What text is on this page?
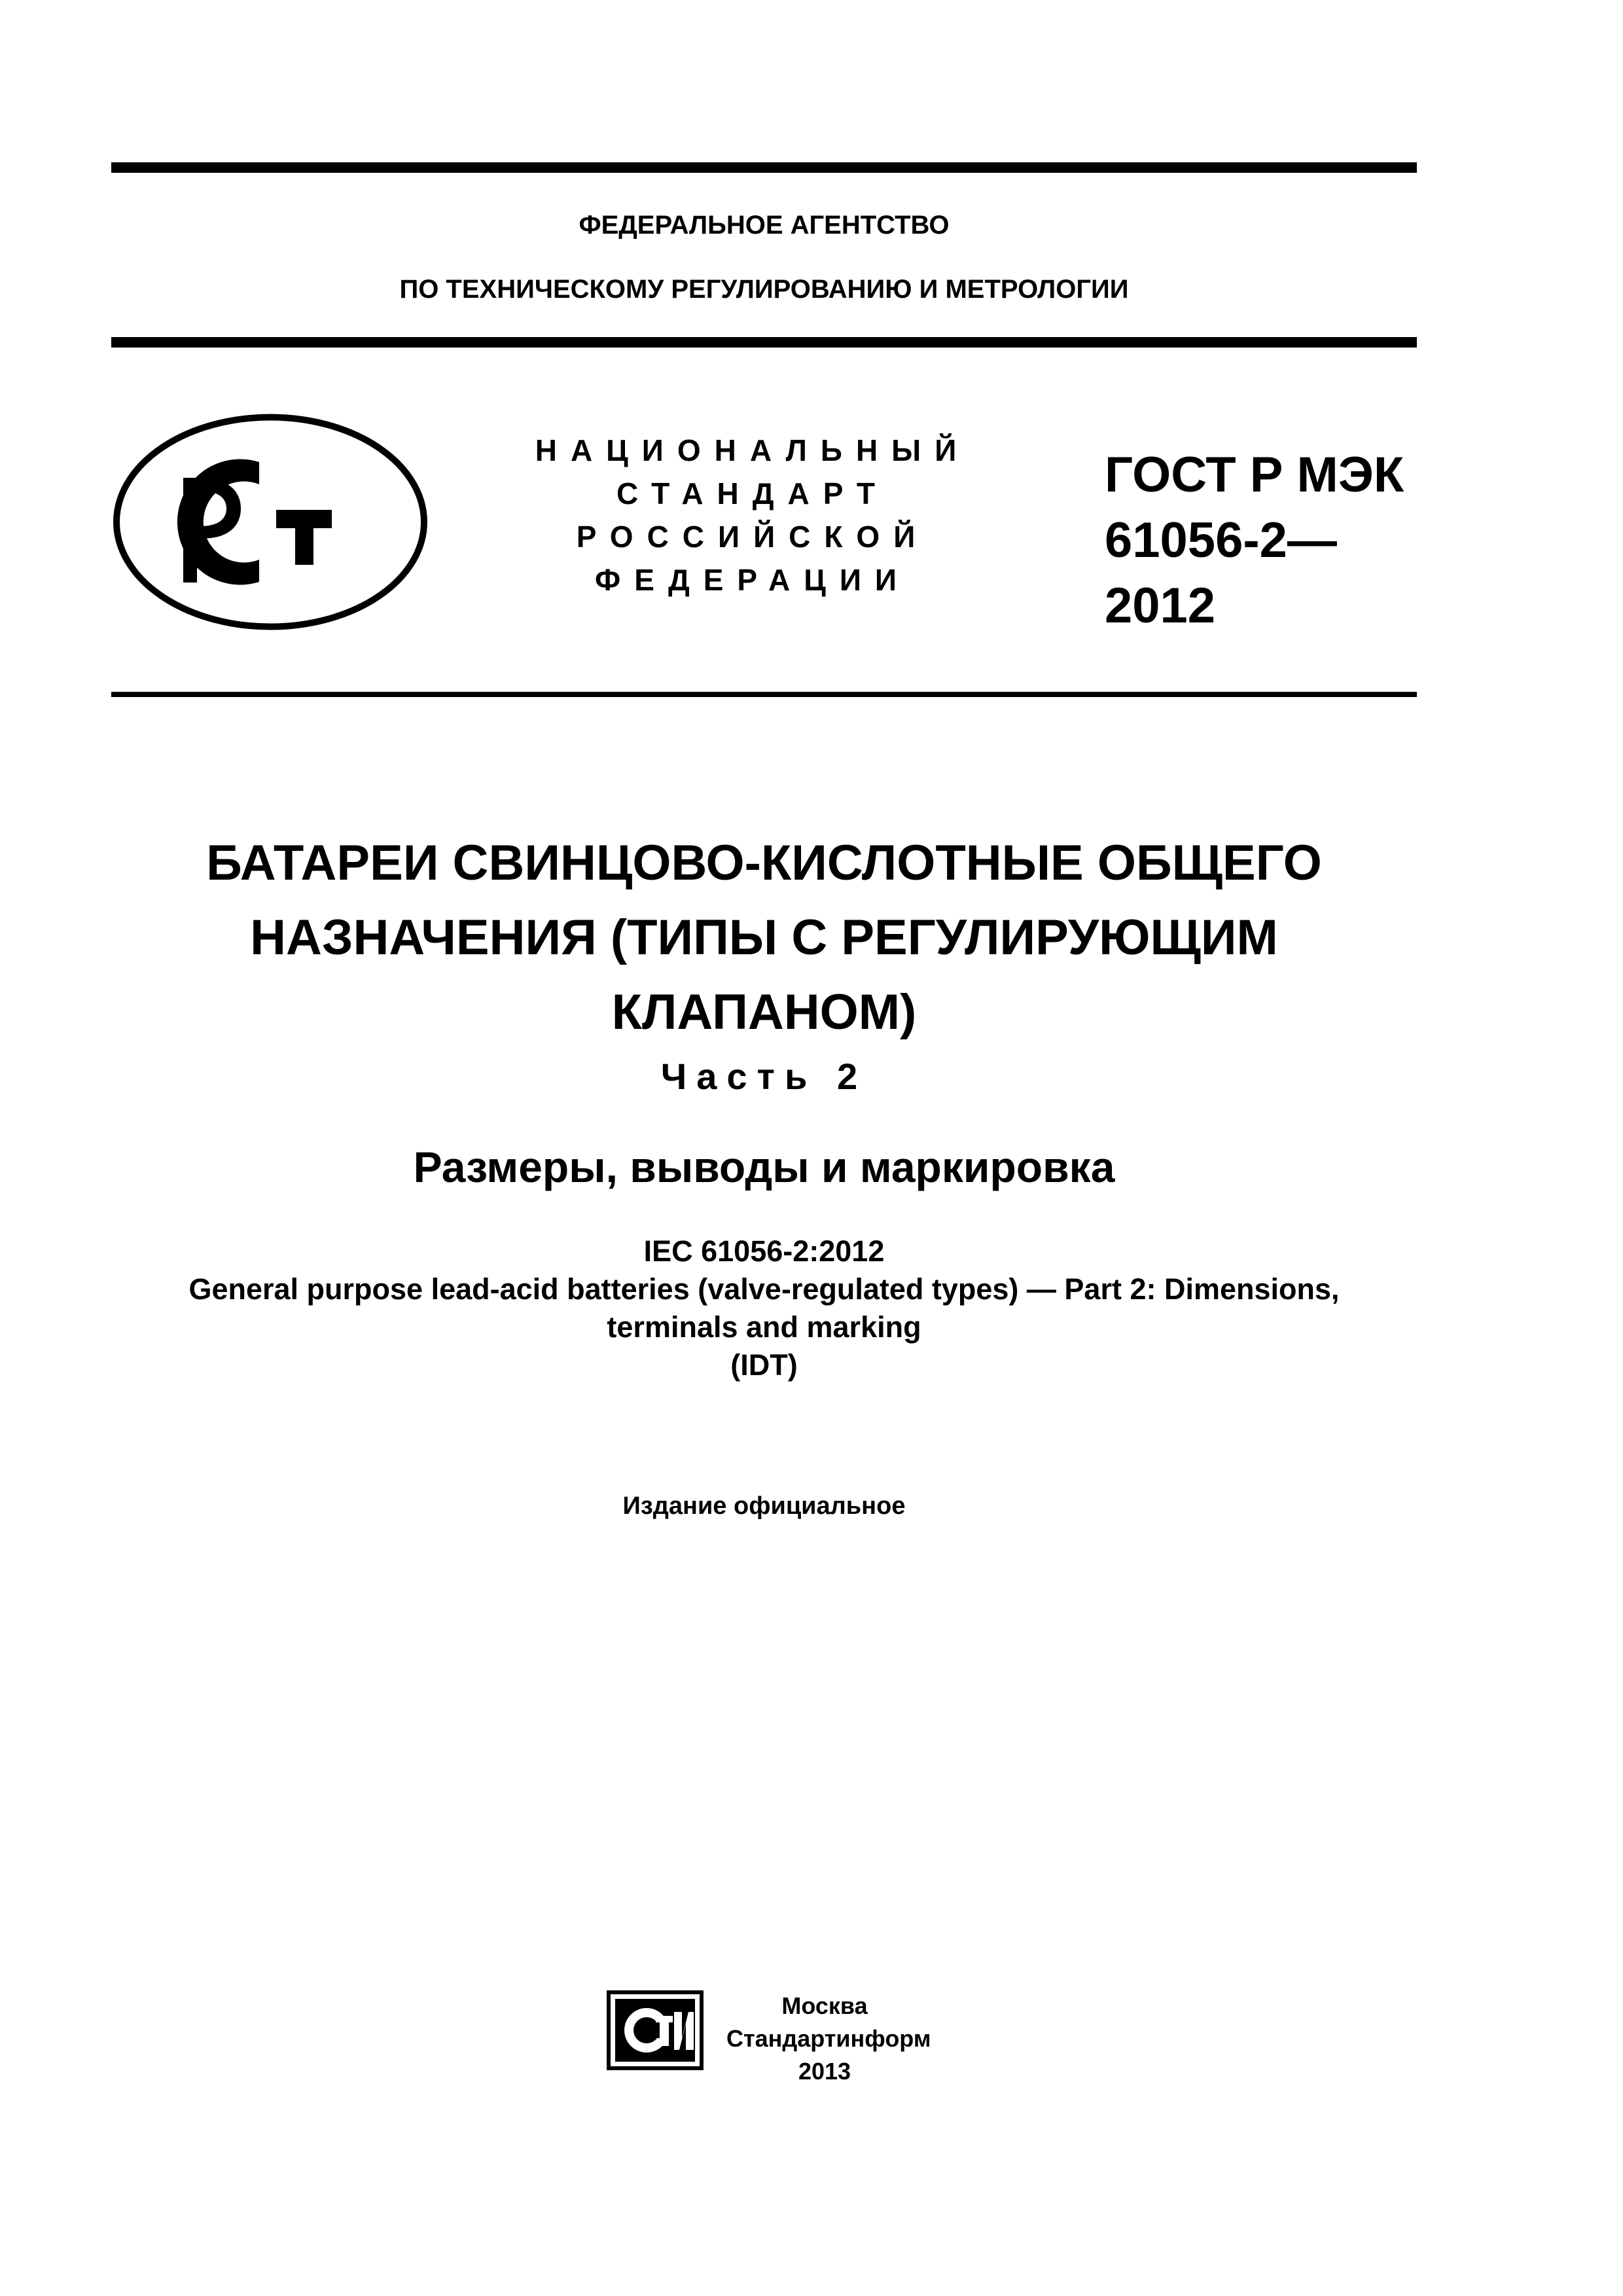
ФЕДЕРАЛЬНОЕ АГЕНТСТВО
ПО ТЕХНИЧЕСКОМУ РЕГУЛИРОВАНИЮ И МЕТРОЛОГИИ
НАЦИОНАЛЬНЫЙ
СТАНДАРТ
РОССИЙСКОЙ
ФЕДЕРАЦИИ
ГОСТ Р МЭК
61056-2—
2012
БАТАРЕИ СВИНЦОВО-КИСЛОТНЫЕ ОБЩЕГО
НАЗНАЧЕНИЯ (ТИПЫ С РЕГУЛИРУЮЩИМ
КЛАПАНОМ)
Часть 2
Размеры, выводы и маркировка
IEC 61056-2:2012
General purpose lead-acid batteries (valve-regulated types) — Part 2: Dimensions,
terminals and marking
(IDT)
Издание официальное
Москва
Стандартинформ
2013
